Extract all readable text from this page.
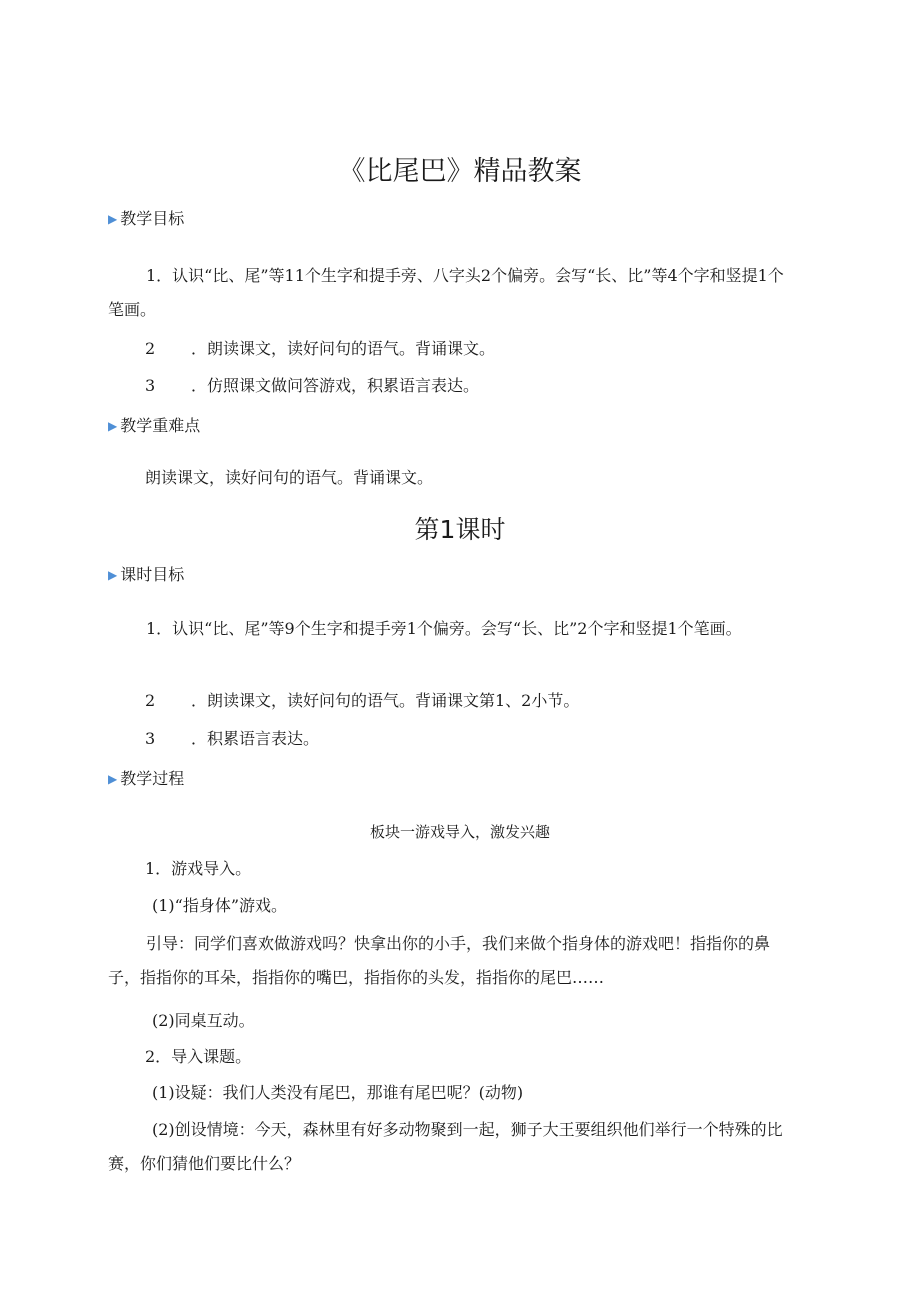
《比尾巴》精品教案
▶ 教学目标
1．认识“比、尾”等11个生字和提手旁、八字头2个偏旁。会写“长、比”等4个字和竖提1个笔画。
2 ．朗读课文，读好问句的语气。背诵课文。
3 ．仿照课文做问答游戏，积累语言表达。
▶ 教学重难点
朗读课文，读好问句的语气。背诵课文。
第1课时
▶ 课时目标
1．认识“比、尾”等9个生字和提手旁1个偏旁。会写“长、比”2个字和竖提1个笔画。
2 ．朗读课文，读好问句的语气。背诵课文第1、2小节。
3 ．积累语言表达。
▶ 教学过程
板块一游戏导入，激发兴趣
1．游戏导入。
(1)“指身体”游戏。
引导：同学们喜欢做游戏吗？快拿出你的小手，我们来做个指身体的游戏吧！指指你的鼻子，指指你的耳朵，指指你的嘴巴，指指你的头发，指指你的尾巴……
(2)同桌互动。
2．导入课题。
(1)设疑：我们人类没有尾巴，那谁有尾巴呢？(动物)
(2)创设情境：今天，森林里有好多动物聚到一起，狮子大王要组织他们举行一个特殊的比赛，你们猜他们要比什么？
